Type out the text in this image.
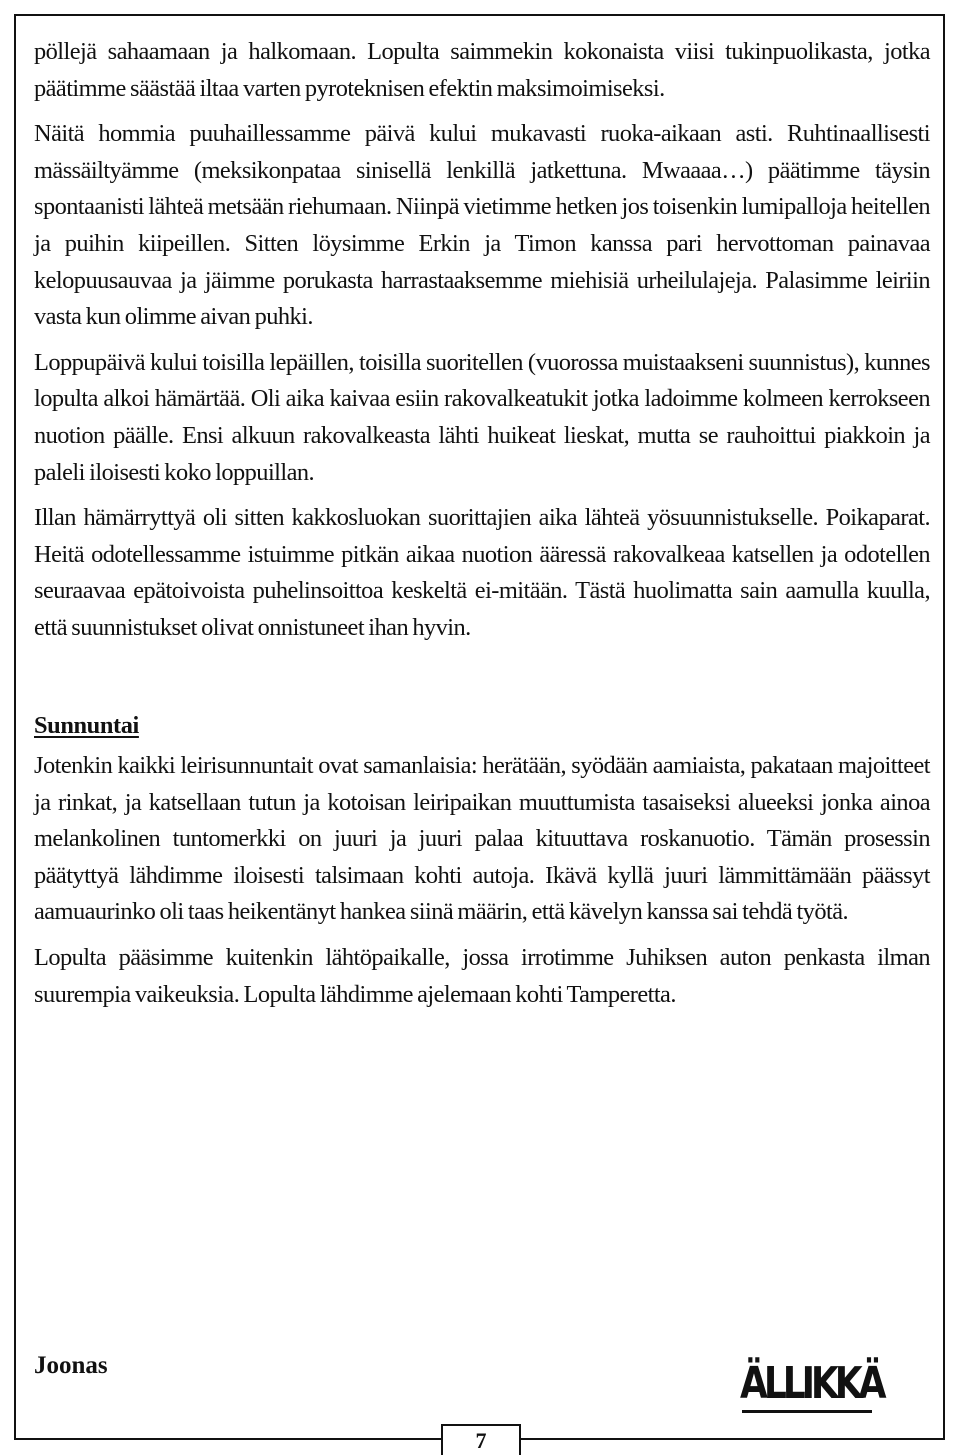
pöllejä sahaamaan ja halkomaan. Lopulta saimmekin kokonaista viisi tukinpuolikasta, jotka päätimme säästää iltaa varten pyroteknisen efektin maksimoimiseksi.

Näitä hommia puuhaillessamme päivä kului mukavasti ruoka-aikaan asti. Ruhtinaallisesti mässäiltyämme (meksikonpataa sinisellä lenkillä jatkettuna. Mwaaaa…) päätimme täysin spontaanisti lähteä metsään riehumaan. Niinpä vietimme hetken jos toisenkin lumipalloja heitellen ja puihin kiipeillen. Sitten löysimme Erkin ja Timon kanssa pari hervottoman painavaa kelopuusauvaa ja jäimme porukasta harrastaaksemme miehisiä urheilulajeja. Palasimme leiriin vasta kun olimme aivan puhki.

Loppupäivä kului toisilla lepäillen, toisilla suoritellen (vuorossa muistaakseni suunnistus), kunnes lopulta alkoi hämärtää. Oli aika kaivaa esiin rakovalkeatukit jotka ladoimme kolmeen kerrokseen nuotion päälle. Ensi alkuun rakovalkeasta lähti huikeat lieskat, mutta se rauhoittui piakkoin ja paleli iloisesti koko loppuillan.

Illan hämärryttyä oli sitten kakkosluokan suorittajien aika lähteä yösuunnistukselle. Poikaparat. Heitä odotellessamme istuimme pitkän aikaa nuotion ääressä rakovalkeaa katsellen ja odotellen seuraavaa epätoivoista puhelinsoittoa keskeltä ei-mitään. Tästä huolimatta sain aamulla kuulla, että suunnistukset olivat onnistuneet ihan hyvin.

Sunnuntai

Jotenkin kaikki leirisunnuntait ovat samanlaisia: herätään, syödään aamiaista, pakataan majoitteet ja rinkat, ja katsellaan tutun ja kotoisan leiripaikan muuttumista tasaiseksi alueeksi jonka ainoa melankolinen tuntomerkki on juuri ja juuri palaa kituuttava roskanuotio. Tämän prosessin päätyttyä lähdimme iloisesti talsimaan kohti autoja. Ikävä kyllä juuri lämmittämään päässyt aamuaurinko oli taas heikentänyt hankea siinä määrin, että kävelyn kanssa sai tehdä työtä.

Lopulta pääsimme kuitenkin lähtöpaikalle, jossa irrotimme Juhiksen auton penkasta ilman suurempia vaikeuksia. Lopulta lähdimme ajelemaan kohti Tamperetta.

Joonas	ÄLLIKKÄ
7
